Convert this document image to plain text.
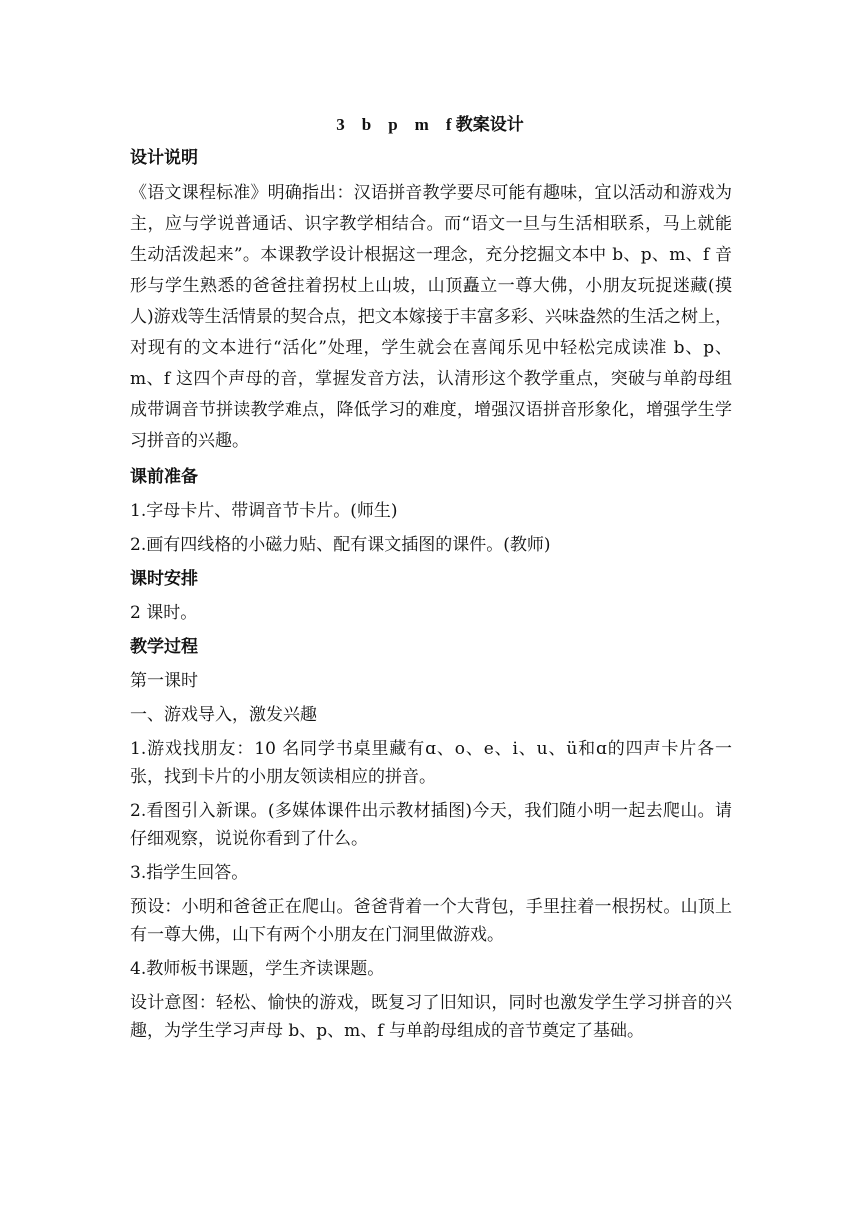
3　b　p　m　f 教案设计
设计说明
《语文课程标准》明确指出：汉语拼音教学要尽可能有趣味，宜以活动和游戏为主，应与学说普通话、识字教学相结合。而“语文一旦与生活相联系，马上就能生动活泼起来”。本课教学设计根据这一理念，充分挖掘文本中 b、p、m、f 音形与学生熟悉的爸爸拄着拐杖上山坡，山顶矗立一尊大佛，小朋友玩捉迷藏(摸人)游戏等生活情景的契合点，把文本嫁接于丰富多彩、兴味盎然的生活之树上，对现有的文本进行“活化”处理，学生就会在喜闻乐见中轻松完成读准 b、p、m、f 这四个声母的音，掌握发音方法，认清形这个教学重点，突破与单韵母组成带调音节拼读教学难点，降低学习的难度，增强汉语拼音形象化，增强学生学习拼音的兴趣。
课前准备
1.字母卡片、带调音节卡片。(师生)
2.画有四线格的小磁力贴、配有课文插图的课件。(教师)
课时安排
2 课时。
教学过程
第一课时
一、游戏导入，激发兴趣
1.游戏找朋友：10 名同学书桌里藏有ɑ、o、e、i、u、ü和ɑ的四声卡片各一张，找到卡片的小朋友领读相应的拼音。
2.看图引入新课。(多媒体课件出示教材插图)今天，我们随小明一起去爬山。请仔细观察，说说你看到了什么。
3.指学生回答。
预设：小明和爸爸正在爬山。爸爸背着一个大背包，手里拄着一根拐杖。山顶上有一尊大佛，山下有两个小朋友在门洞里做游戏。
4.教师板书课题，学生齐读课题。
设计意图：轻松、愉快的游戏，既复习了旧知识，同时也激发学生学习拼音的兴趣，为学生学习声母 b、p、m、f 与单韵母组成的音节奠定了基础。
